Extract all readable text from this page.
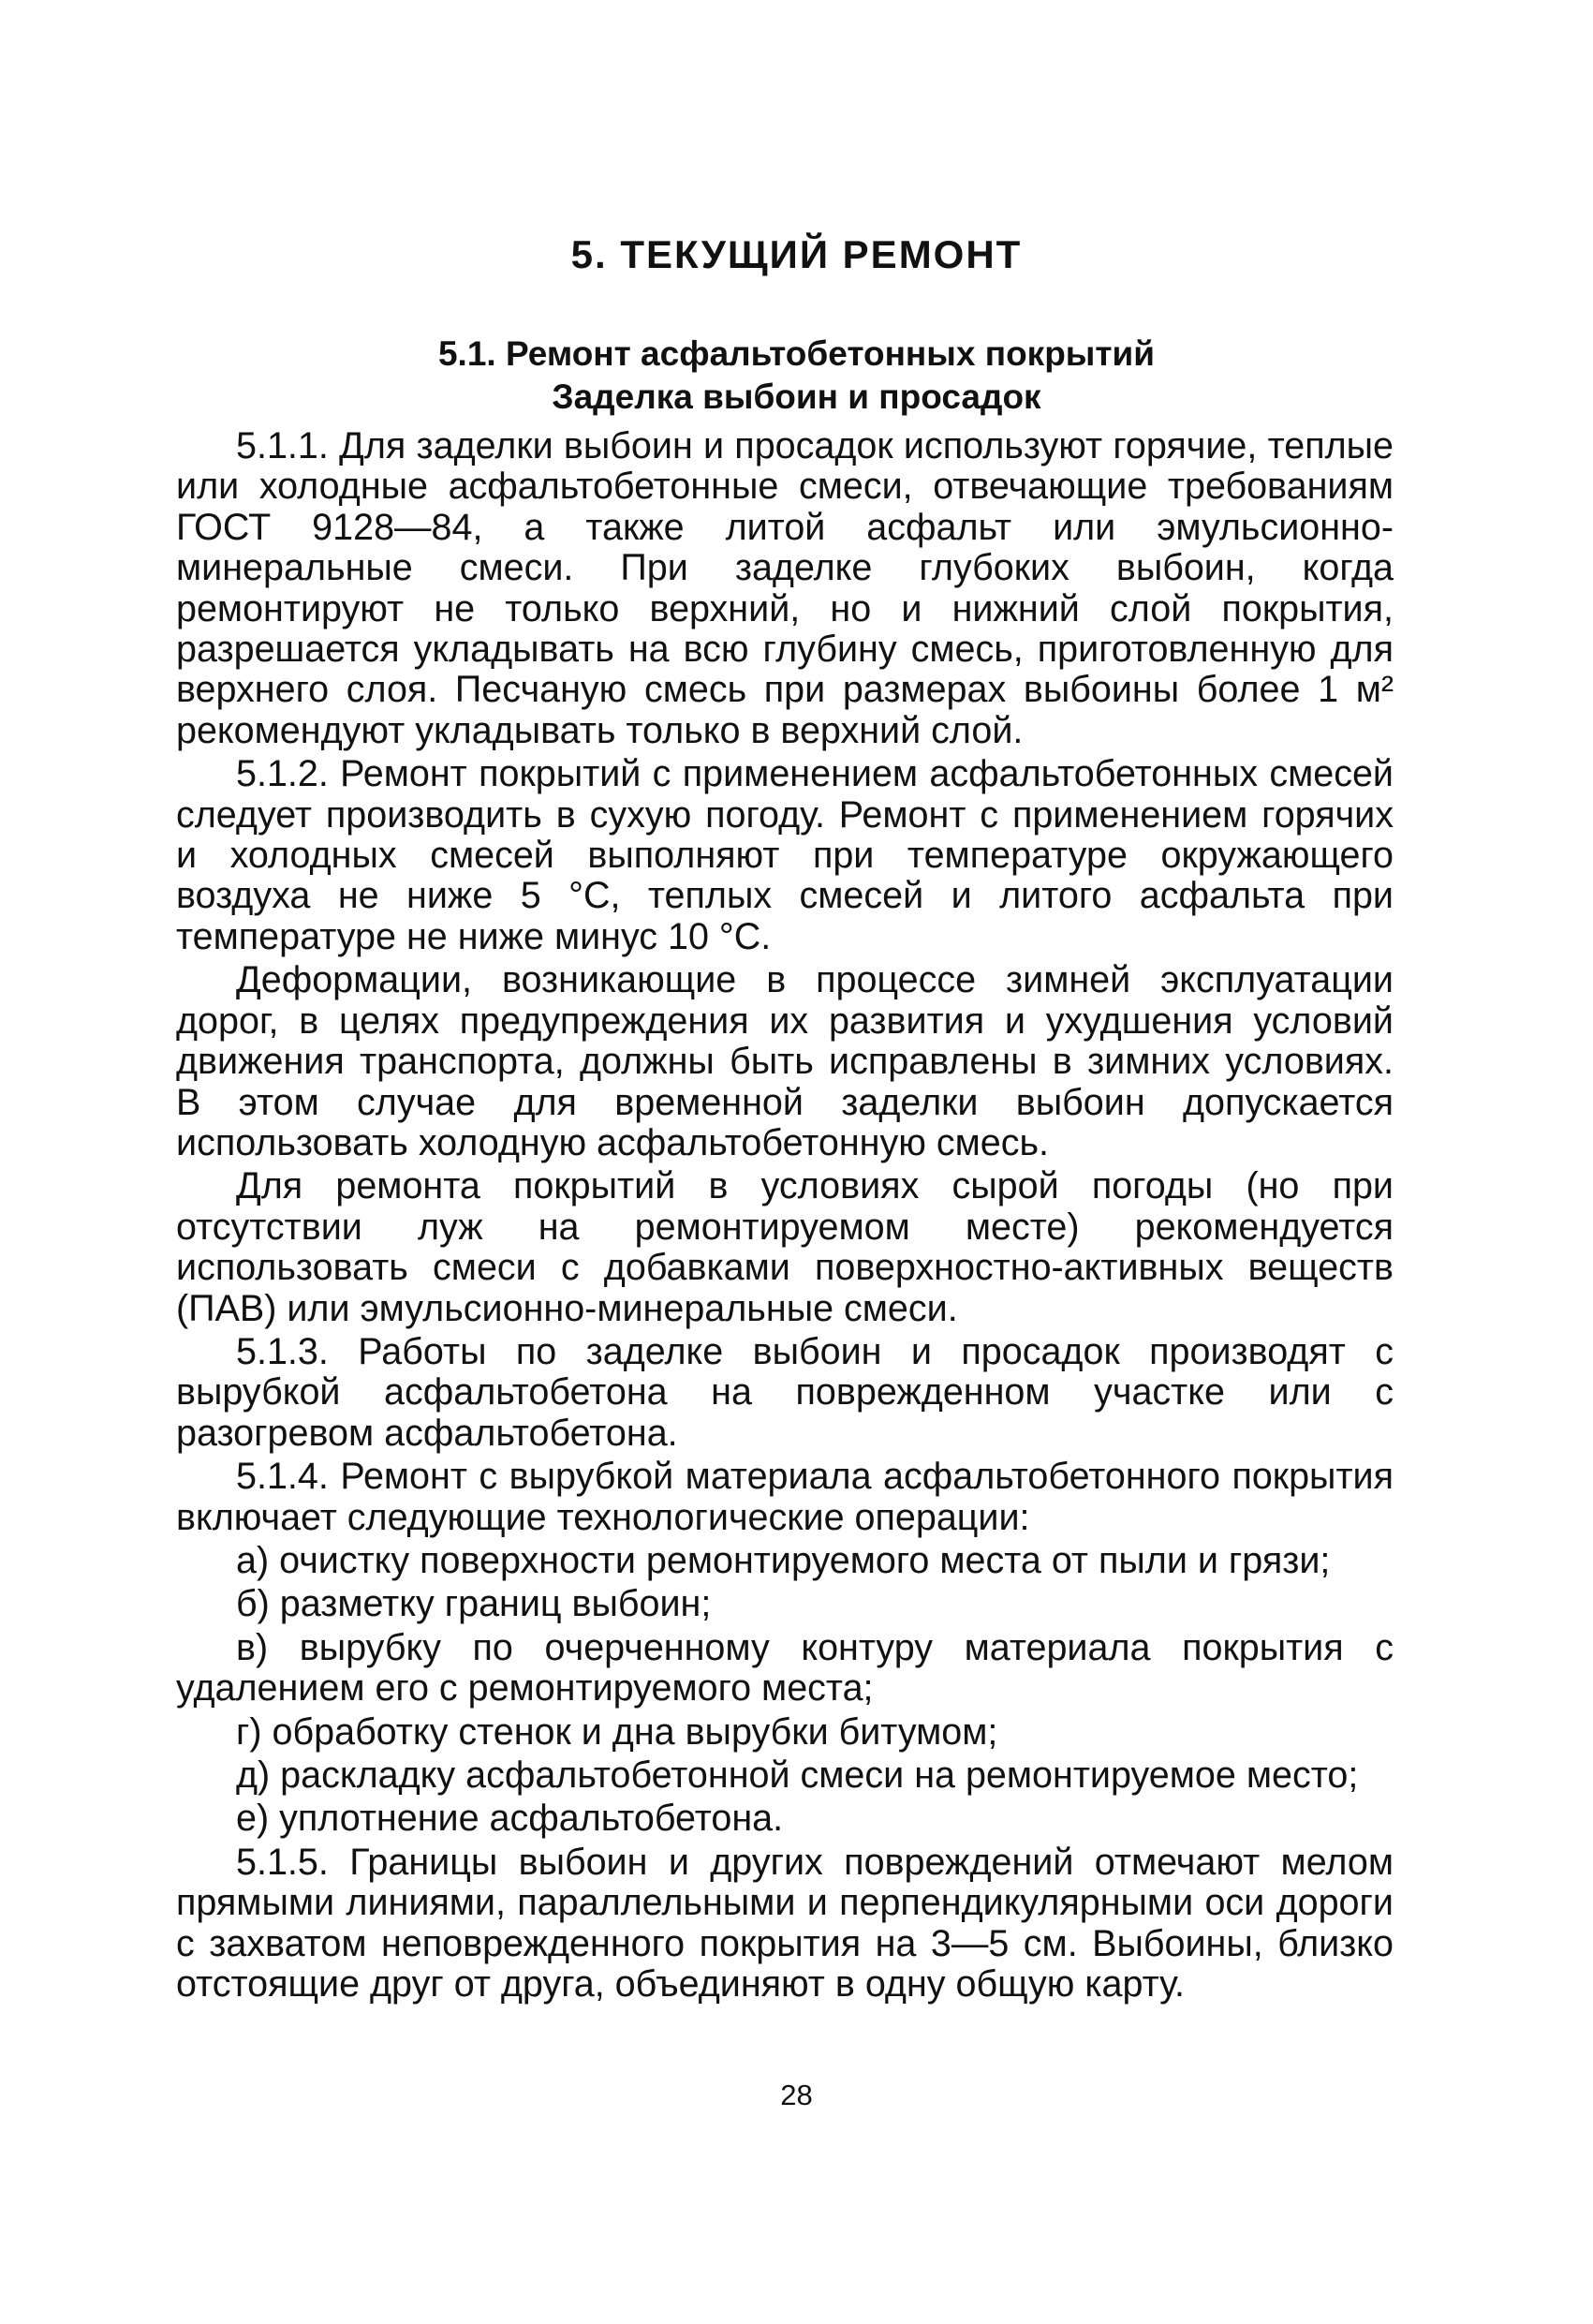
5. ТЕКУЩИЙ РЕМОНТ
5.1. Ремонт асфальтобетонных покрытий
Заделка выбоин и просадок

5.1.1. Для заделки выбоин и просадок используют горячие, теплые или холодные асфальтобетонные смеси, отвечающие требованиям ГОСТ 9128—84, а также литой асфальт или эмульсионно-минеральные смеси. При заделке глубоких выбоин, когда ремонтируют не только верхний, но и нижний слой покрытия, разрешается укладывать на всю глубину смесь, приготовленную для верхнего слоя. Песчаную смесь при размерах выбоины более 1 м² рекомендуют укладывать только в верхний слой.

5.1.2. Ремонт покрытий с применением асфальтобетонных смесей следует производить в сухую погоду. Ремонт с применением горячих и холодных смесей выполняют при температуре окружающего воздуха не ниже 5 °С, теплых смесей и литого асфальта при температуре не ниже минус 10 °С.

Деформации, возникающие в процессе зимней эксплуатации дорог, в целях предупреждения их развития и ухудшения условий движения транспорта, должны быть исправлены в зимних условиях. В этом случае для временной заделки выбоин допускается использовать холодную асфальтобетонную смесь.

Для ремонта покрытий в условиях сырой погоды (но при отсутствии луж на ремонтируемом месте) рекомендуется использовать смеси с добавками поверхностно-активных веществ (ПАВ) или эмульсионно-минеральные смеси.

5.1.3. Работы по заделке выбоин и просадок производят с вырубкой асфальтобетона на поврежденном участке или с разогревом асфальтобетона.

5.1.4. Ремонт с вырубкой материала асфальтобетонного покрытия включает следующие технологические операции:

а) очистку поверхности ремонтируемого места от пыли и грязи;

б) разметку границ выбоин;

в) вырубку по очерченному контуру материала покрытия с удалением его с ремонтируемого места;

г) обработку стенок и дна вырубки битумом;

д) раскладку асфальтобетонной смеси на ремонтируемое место;

е) уплотнение асфальтобетона.

5.1.5. Границы выбоин и других повреждений отмечают мелом прямыми линиями, параллельными и перпендикулярными оси дороги с захватом неповрежденного покрытия на 3—5 см. Выбоины, близко отстоящие друг от друга, объединяют в одну общую карту.

28
